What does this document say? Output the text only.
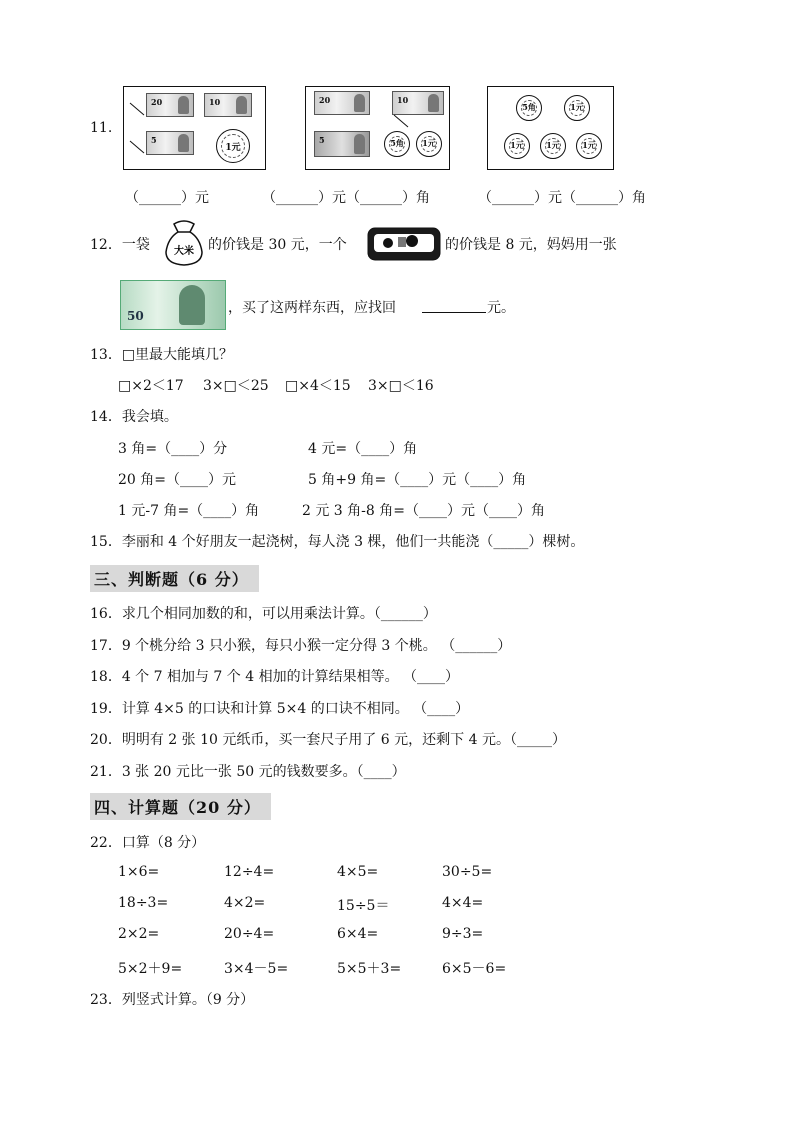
11.
20	10
5
1元
20	10
5	5角	1元
5角	1元
1元	1元	1元
（______）元	（______）元（______）角	（______）元（______）角
12．一袋 大米 的价钱是 30 元，一个	的价钱是 8 元，妈妈用一张
50	，买了这两样东西，应找回	元。
13．□里最大能填几？
□×2＜17 3×□＜25 □×4＜15 3×□＜16
14．我会填。
3 角=（____）分	4 元=（____）角
20 角=（____）元	5 角+9 角=（____）元（____）角
1 元-7 角=（____）角	2 元 3 角-8 角=（____）元（____）角
15．李丽和 4 个好朋友一起浇树，每人浇 3 棵，他们一共能浇（_____）棵树。
三、判断题（6 分）
16．求几个相同加数的和，可以用乘法计算。（______）
17．9 个桃分给 3 只小猴，每只小猴一定分得 3 个桃。 （______）
18．4 个 7 相加与 7 个 4 相加的计算结果相等。 （____）
19．计算 4×5 的口诀和计算 5×4 的口诀不相同。 （____）
20．明明有 2 张 10 元纸币，买一套尺子用了 6 元，还剩下 4 元。（_____）
21．3 张 20 元比一张 50 元的钱数要多。（____）
四、计算题（20 分）
22．口算（8 分）
1×6=	12÷4=	4×5=	30÷5=
18÷3=	4×2=	15÷5＝	4×4=
2×2=	20÷4=	6×4=	9÷3=
5×2＋9=	3×4－5=	5×5＋3=	6×5－6=
23．列竖式计算。（9 分）
